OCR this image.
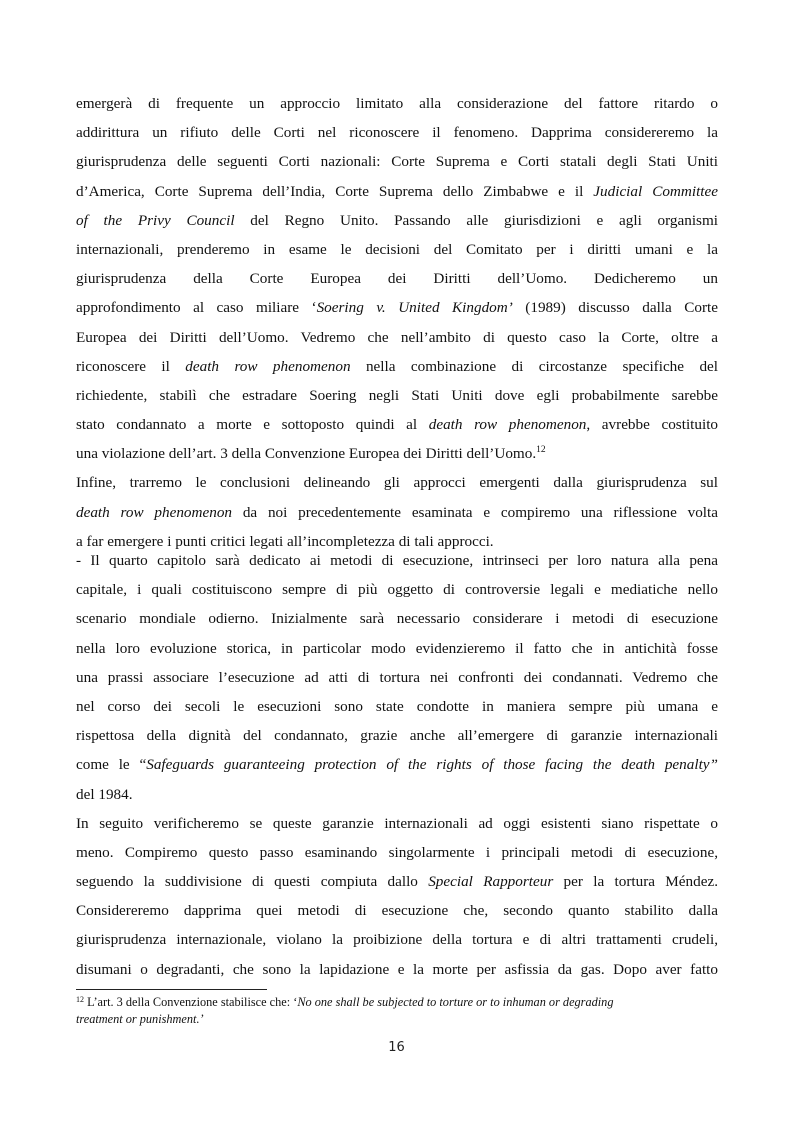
emergerà di frequente un approccio limitato alla considerazione del fattore ritardo o
addirittura un rifiuto delle Corti nel riconoscere il fenomeno. Dapprima considereremo la
giurisprudenza delle seguenti Corti nazionali: Corte Suprema e Corti statali degli Stati Uniti
d’America, Corte Suprema dell’India, Corte Suprema dello Zimbabwe e il Judicial Committee
of the Privy Council del Regno Unito. Passando alle giurisdizioni e agli organismi
internazionali, prenderemo in esame le decisioni del Comitato per i diritti umani e la
giurisprudenza della Corte Europea dei Diritti dell’Uomo. Dedicheremo un
approfondimento al caso miliare ‘Soering v. United Kingdom’ (1989) discusso dalla Corte
Europea dei Diritti dell’Uomo. Vedremo che nell’ambito di questo caso la Corte, oltre a
riconoscere il death row phenomenon nella combinazione di circostanze specifiche del
richiedente, stabilì che estradare Soering negli Stati Uniti dove egli probabilmente sarebbe
stato condannato a morte e sottoposto quindi al death row phenomenon, avrebbe costituito
una violazione dell’art. 3 della Convenzione Europea dei Diritti dell’Uomo.$^{12}$
Infine, trarremo le conclusioni delineando gli approcci emergenti dalla giurisprudenza sul
death row phenomenon da noi precedentemente esaminata e compiremo una riflessione volta
a far emergere i punti critici legati all’incompletezza di tali approcci.
- Il quarto capitolo sarà dedicato ai metodi di esecuzione, intrinseci per loro natura alla pena
capitale, i quali costituiscono sempre di più oggetto di controversie legali e mediatiche nello
scenario mondiale odierno. Inizialmente sarà necessario considerare i metodi di esecuzione
nella loro evoluzione storica, in particolar modo evidenzieremo il fatto che in antichità fosse
una prassi associare l’esecuzione ad atti di tortura nei confronti dei condannati. Vedremo che
nel corso dei secoli le esecuzioni sono state condotte in maniera sempre più umana e
rispettosa della dignità del condannato, grazie anche all’emergere di garanzie internazionali
come le “Safeguards guaranteeing protection of the rights of those facing the death penalty”
del 1984.
In seguito verificheremo se queste garanzie internazionali ad oggi esistenti siano rispettate o
meno. Compiremo questo passo esaminando singolarmente i principali metodi di esecuzione,
seguendo la suddivisione di questi compiuta dallo Special Rapporteur per la tortura Méndez.
Considereremo dapprima quei metodi di esecuzione che, secondo quanto stabilito dalla
giurisprudenza internazionale, violano la proibizione della tortura e di altri trattamenti crudeli,
disumani o degradanti, che sono la lapidazione e la morte per asfissia da gas. Dopo aver fatto
$^{12}$ L’art. 3 della Convenzione stabilisce che: ‘No one shall be subjected to torture or to inhuman or degrading
treatment or punishment.’
16
